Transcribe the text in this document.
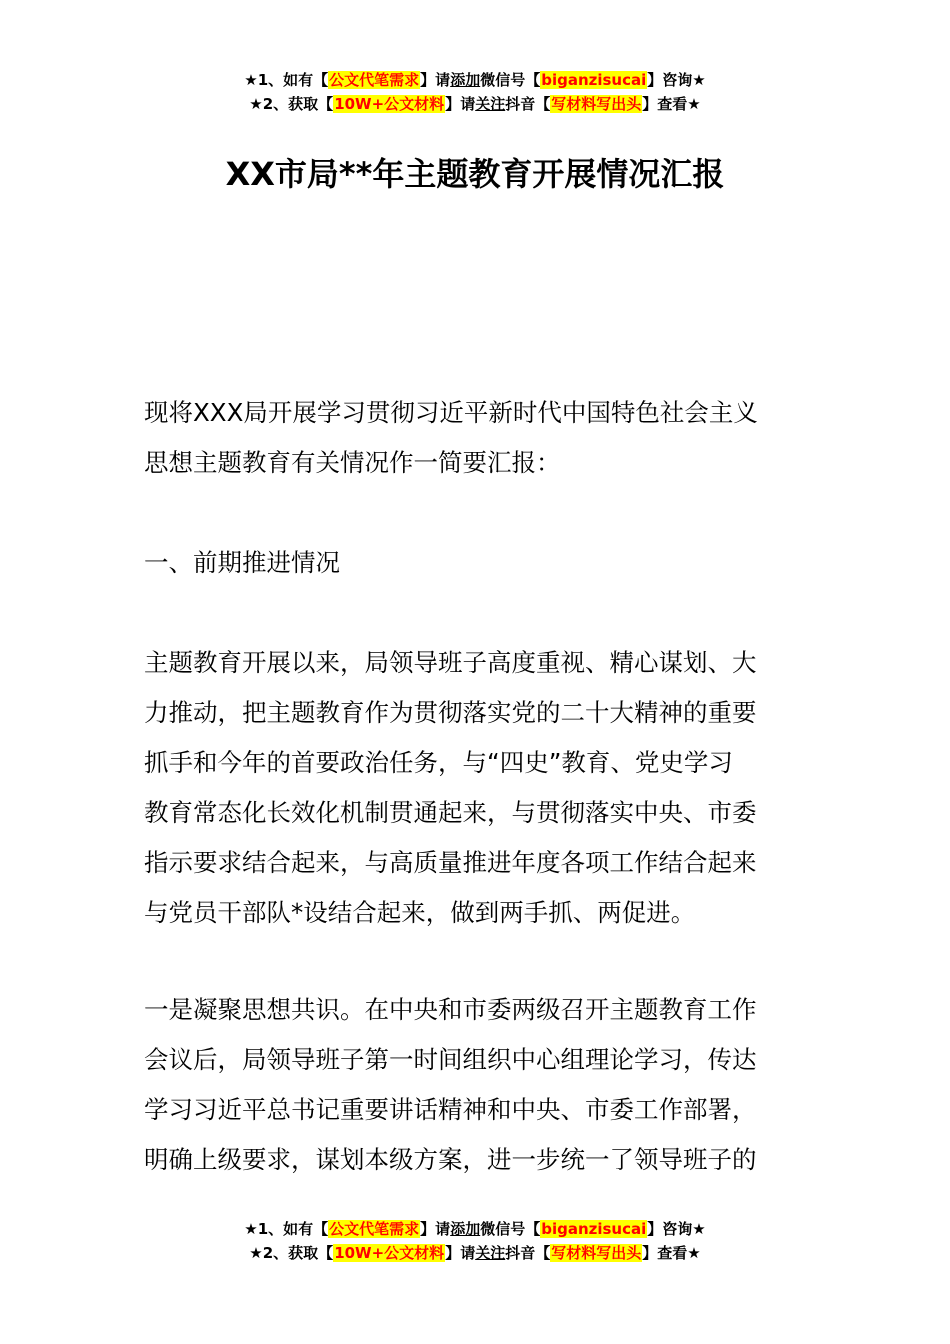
★1、如有【公文代笔需求】请添加微信号【biganzisucai】咨询★
★2、获取【10W+公文材料】请关注抖音【写材料写出头】查看★
XX市局**年主题教育开展情况汇报
现将XXX局开展学习贯彻习近平新时代中国特色社会主义
思想主题教育有关情况作一简要汇报：
一、前期推进情况
主题教育开展以来，局领导班子高度重视、精心谋划、大
力推动，把主题教育作为贯彻落实党的二十大精神的重要
抓手和今年的首要政治任务，与“四史”教育、党史学习
教育常态化长效化机制贯通起来，与贯彻落实中央、市委
指示要求结合起来，与高质量推进年度各项工作结合起来
与党员干部队*设结合起来，做到两手抓、两促进。
一是凝聚思想共识。在中央和市委两级召开主题教育工作
会议后，局领导班子第一时间组织中心组理论学习，传达
学习习近平总书记重要讲话精神和中央、市委工作部署，
明确上级要求，谋划本级方案，进一步统一了领导班子的
★1、如有【公文代笔需求】请添加微信号【biganzisucai】咨询★
★2、获取【10W+公文材料】请关注抖音【写材料写出头】查看★
